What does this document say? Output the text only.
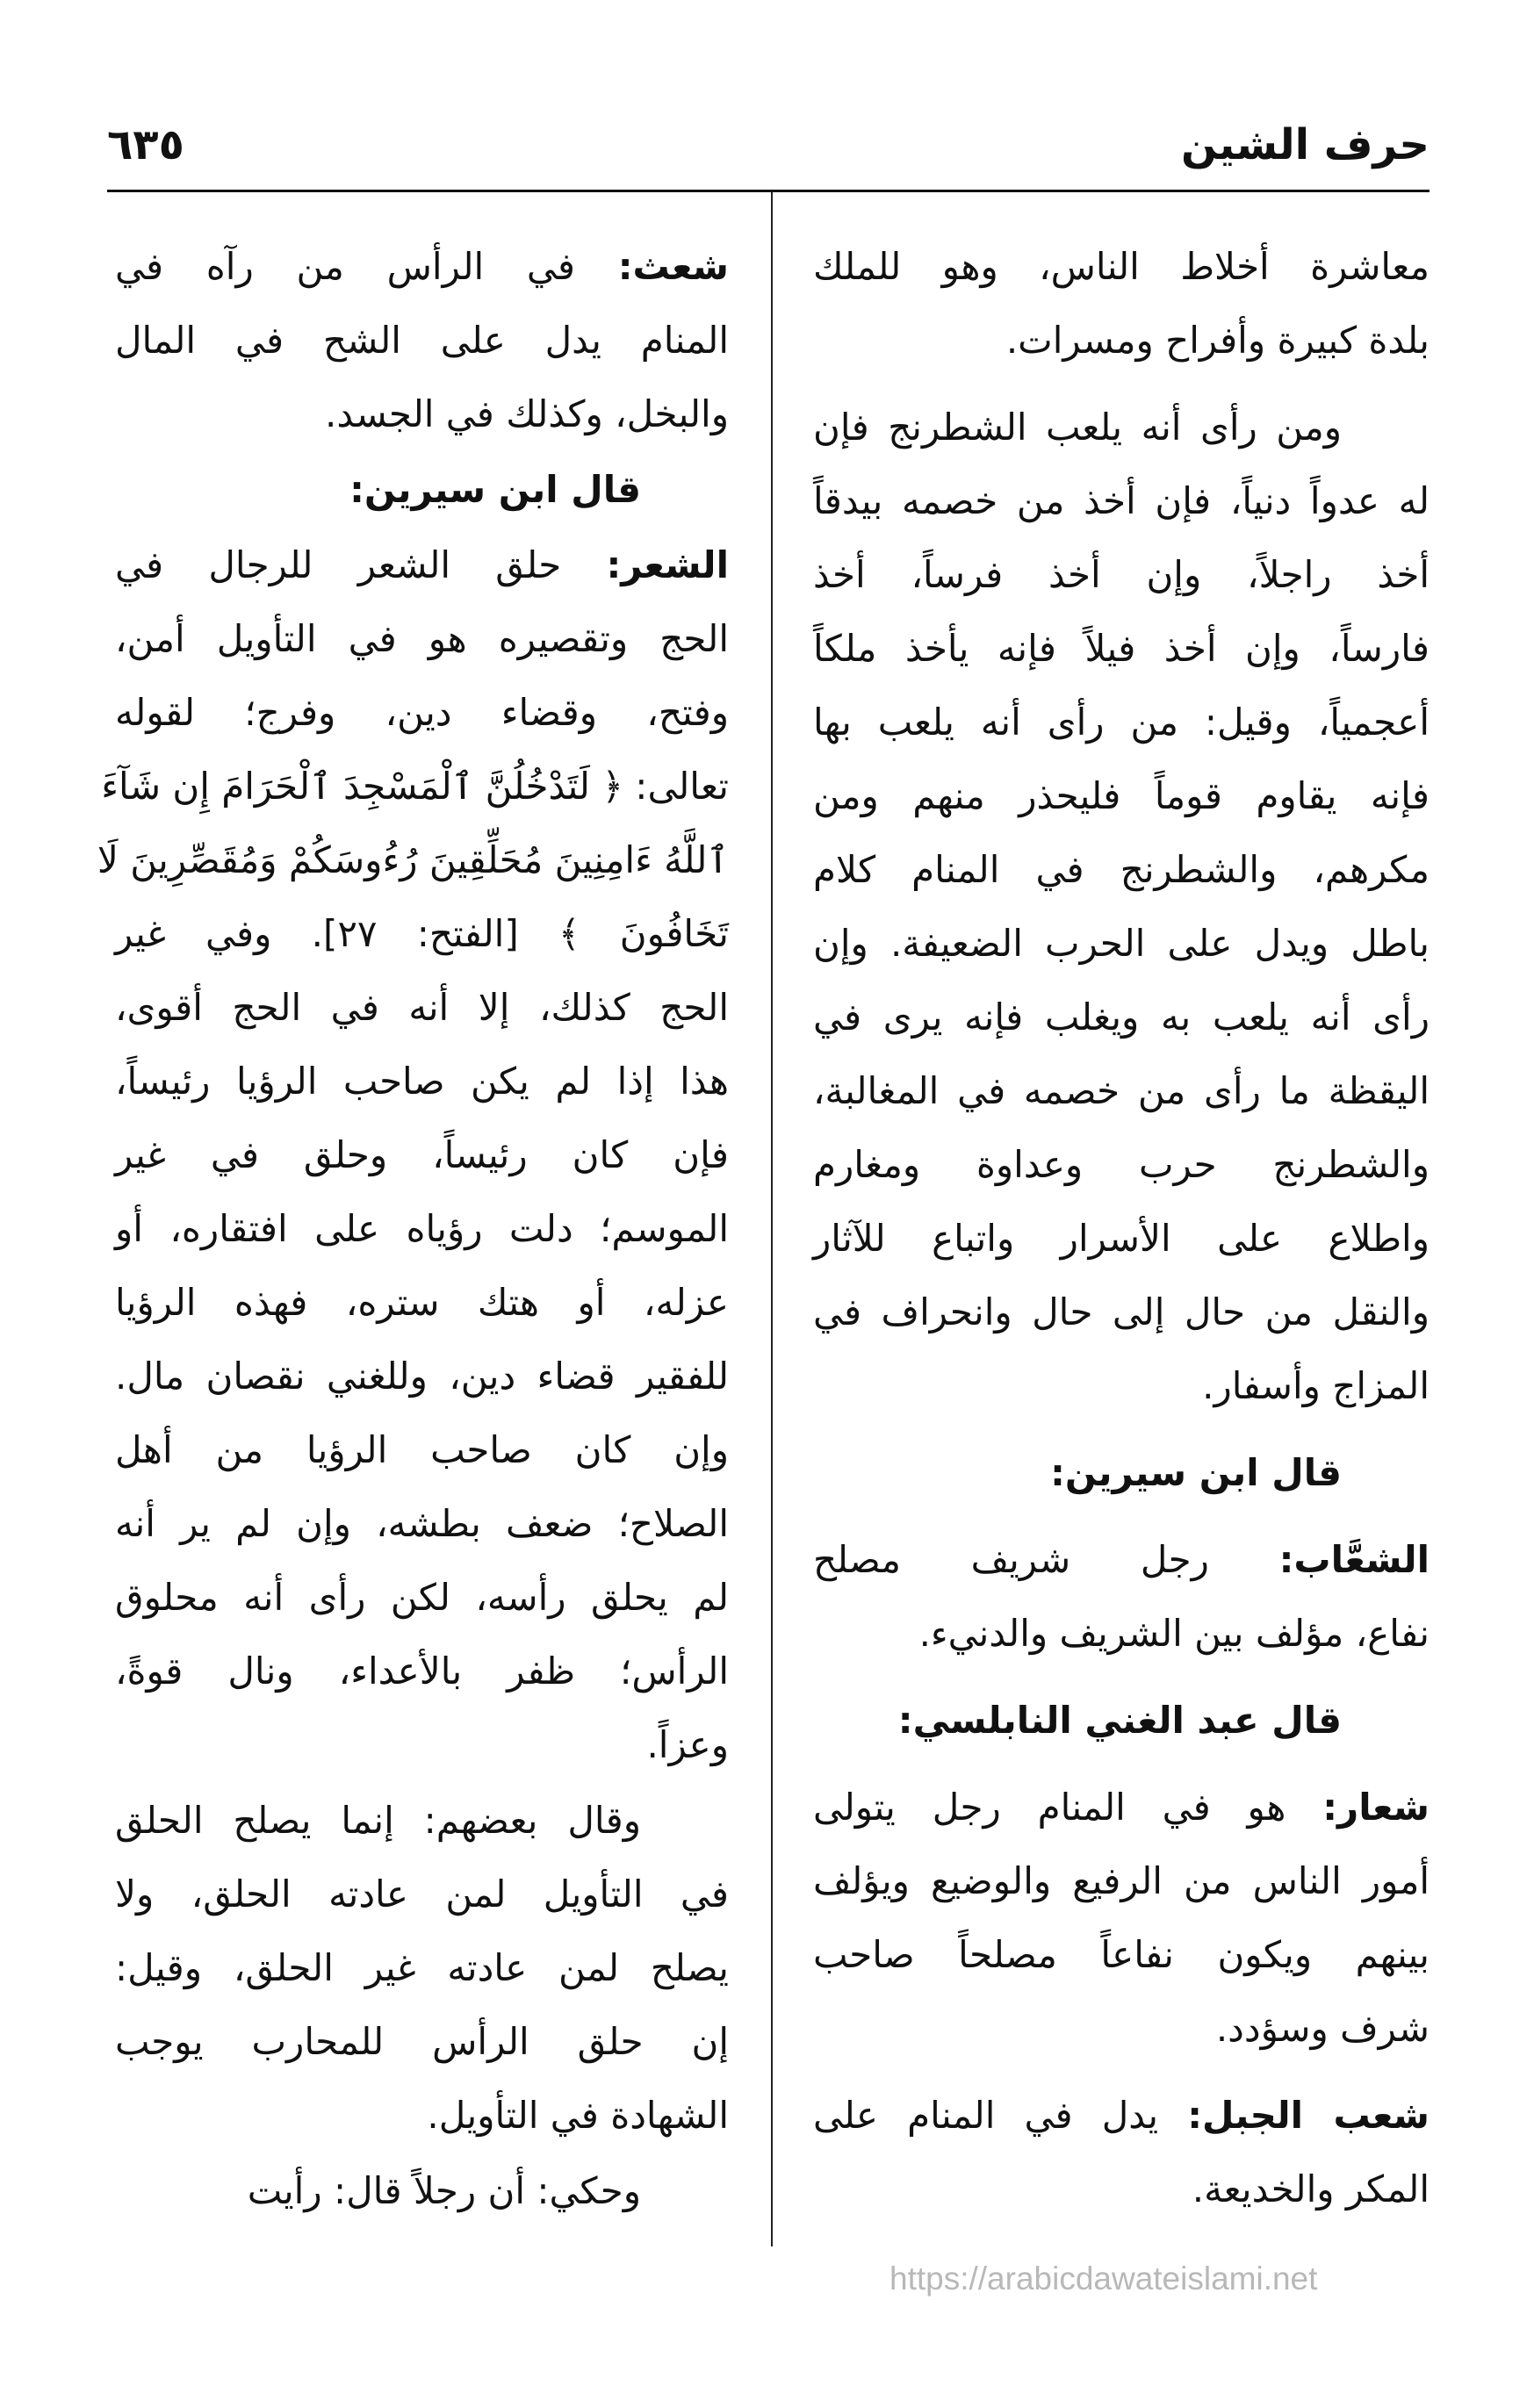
حرف الشين
٦٣٥
معاشرة أخلاط الناس، وهو للملك
بلدة كبيرة وأفراح ومسرات.
ومن رأى أنه يلعب الشطرنج فإن
له عدواً دنياً، فإن أخذ من خصمه بيدقاً
أخذ راجلاً، وإن أخذ فرساً، أخذ
فارساً، وإن أخذ فيلاً فإنه يأخذ ملكاً
أعجمياً، وقيل: من رأى أنه يلعب بها
فإنه يقاوم قوماً فليحذر منهم ومن
مكرهم، والشطرنج في المنام كلام
باطل ويدل على الحرب الضعيفة. وإن
رأى أنه يلعب به ويغلب فإنه يرى في
اليقظة ما رأى من خصمه في المغالبة،
والشطرنج حرب وعداوة ومغارم
واطلاع على الأسرار واتباع للآثار
والنقل من حال إلى حال وانحراف في
المزاج وأسفار.
قال ابن سيرين:
الشعَّاب: رجل شريف مصلح
نفاع، مؤلف بين الشريف والدنيء.
قال عبد الغني النابلسي:
شعار: هو في المنام رجل يتولى
أمور الناس من الرفيع والوضيع ويؤلف
بينهم ويكون نفاعاً مصلحاً صاحب
شرف وسؤدد.
شعب الجبل: يدل في المنام على
المكر والخديعة.
شعث: في الرأس من رآه في
المنام يدل على الشح في المال
والبخل، وكذلك في الجسد.
قال ابن سيرين:
الشعر: حلق الشعر للرجال في
الحج وتقصيره هو في التأويل أمن،
وفتح، وقضاء دين، وفرج؛ لقوله
تعالى: ﴿ لَتَدْخُلُنَّ ٱلْمَسْجِدَ ٱلْحَرَامَ إِن شَآءَ
ٱللَّهُ ءَامِنِينَ مُحَلِّقِينَ رُءُوسَكُمْ وَمُقَصِّرِينَ لَا
تَخَافُونَ ﴾ [الفتح: ٢٧]. وفي غير
الحج كذلك، إلا أنه في الحج أقوى،
هذا إذا لم يكن صاحب الرؤيا رئيساً،
فإن كان رئيساً، وحلق في غير
الموسم؛ دلت رؤياه على افتقاره، أو
عزله، أو هتك ستره، فهذه الرؤيا
للفقير قضاء دين، وللغني نقصان مال.
وإن كان صاحب الرؤيا من أهل
الصلاح؛ ضعف بطشه، وإن لم ير أنه
لم يحلق رأسه، لكن رأى أنه محلوق
الرأس؛ ظفر بالأعداء، ونال قوةً،
وعزاً.
وقال بعضهم: إنما يصلح الحلق
في التأويل لمن عادته الحلق، ولا
يصلح لمن عادته غير الحلق، وقيل:
إن حلق الرأس للمحارب يوجب
الشهادة في التأويل.
وحكي: أن رجلاً قال: رأيت
https://arabicdawateislami.net
